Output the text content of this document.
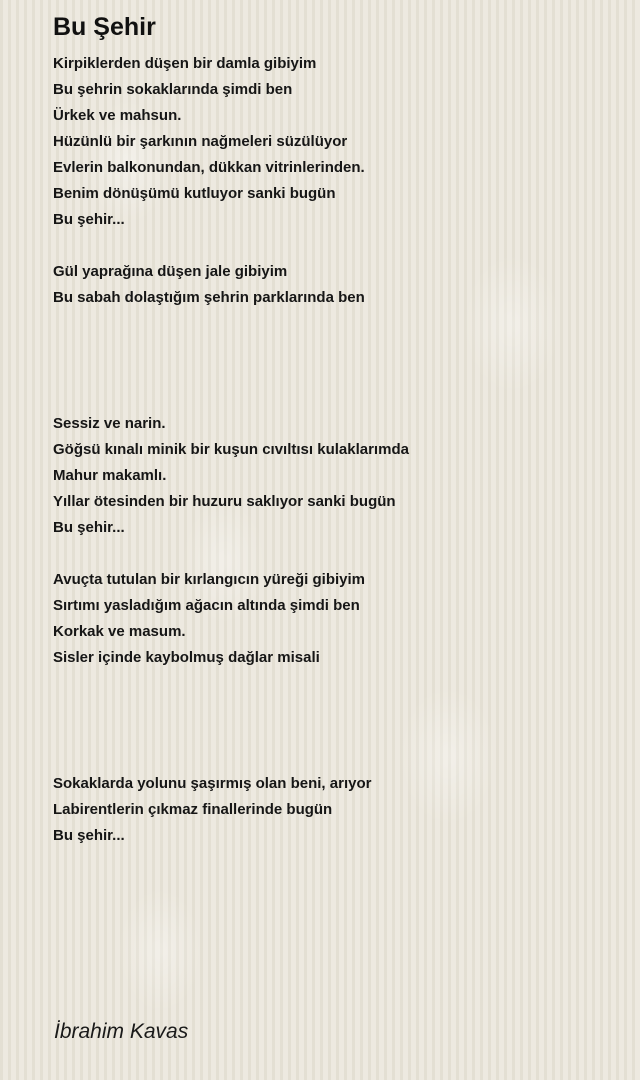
Bu Şehir
Kirpiklerden düşen bir damla gibiyim
Bu şehrin sokaklarında şimdi ben
Ürkek ve mahsun.
Hüzünlü bir şarkının nağmeleri süzülüyor
Evlerin balkonundan, dükkan vitrinlerinden.
Benim dönüşümü kutluyor sanki bugün
Bu şehir...
Gül yaprağına düşen jale gibiyim
Bu sabah dolaştığım şehrin parklarında ben
Sessiz ve narin.
Göğsü kınalı minik bir kuşun cıvıltısı kulaklarımda
Mahur makamlı.
Yıllar ötesinden bir huzuru saklıyor sanki bugün
Bu şehir...
Avuçta tutulan bir kırlangıcın yüreği gibiyim
Sırtımı yasladığım ağacın altında şimdi ben
Korkak ve masum.
Sisler içinde kaybolmuş dağlar misali
Sokaklarda yolunu şaşırmış olan beni, arıyor
Labirentlerin çıkmaz finallerinde bugün
Bu şehir...
İbrahim Kavas
